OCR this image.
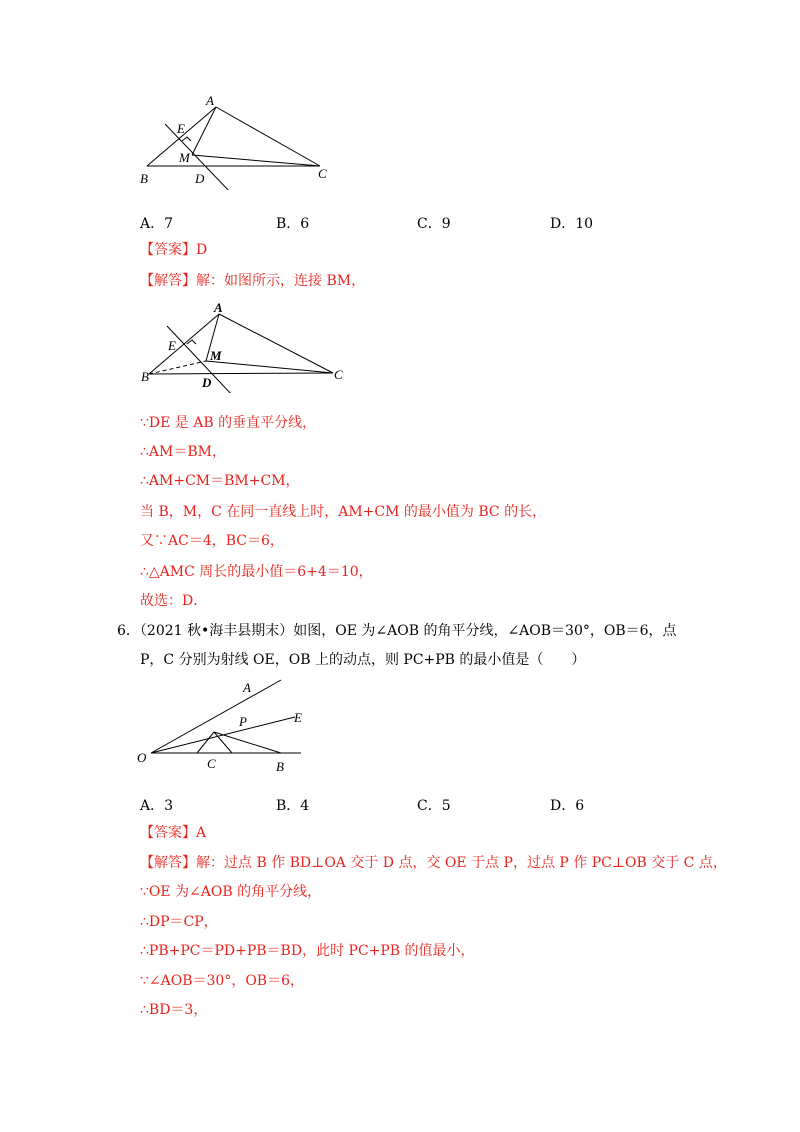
A
E
M
B	D	C
A．7	B．6	C．9	D．10
【答案】D
【解答】解：如图所示，连接 BM，
A
E
M
B	D
C
∵DE 是 AB 的垂直平分线，
∴AM＝BM，
∴AM+CM＝BM+CM，
当 B，M，C 在同一直线上时，AM+CM 的最小值为 BC 的长，
又∵AC＝4，BC＝6，
∴△AMC 周长的最小值＝6+4＝10，
故选：D．
6．（2021 秋•海丰县期末）如图，OE 为∠AOB 的角平分线，∠AOB＝30°，OB＝6，点
P，C 分别为射线 OE，OB 上的动点，则 PC+PB 的最小值是（　　）
A
E
P
O	C	B
A．3	B．4	C．5	D．6
【答案】A
【解答】解：过点 B 作 BD⊥OA 交于 D 点，交 OE 于点 P，过点 P 作 PC⊥OB 交于 C 点，
∵OE 为∠AOB 的角平分线，
∴DP＝CP，
∴PB+PC＝PD+PB＝BD，此时 PC+PB 的值最小，
∵∠AOB＝30°，OB＝6，
∴BD＝3，
